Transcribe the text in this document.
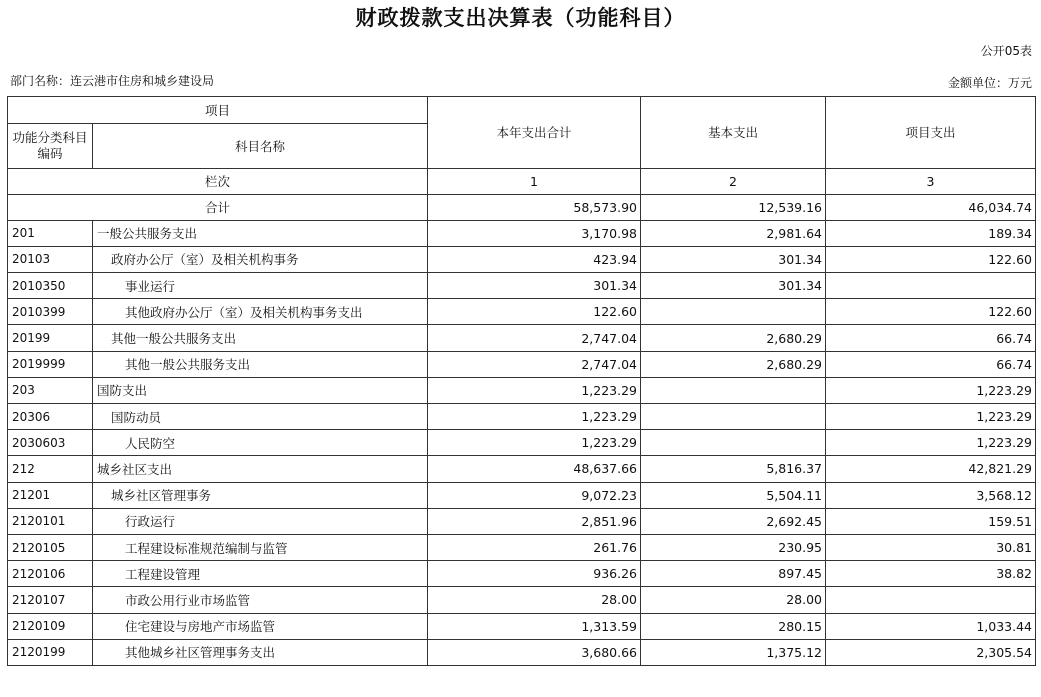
财政拨款支出决算表（功能科目）
公开05表
部门名称：连云港市住房和城乡建设局	金额单位：万元
项目		本年支出合计	基本支出	项目支出
功能分类科目编码	科目名称			
栏次		1	2	3
合计		58,573.90	12,539.16	46,034.74
201	一般公共服务支出	3,170.98	2,981.64	189.34
20103	政府办公厅（室）及相关机构事务	423.94	301.34	122.60
2010350	事业运行	301.34	301.34	
2010399	其他政府办公厅（室）及相关机构事务支出	122.60		122.60
20199	其他一般公共服务支出	2,747.04	2,680.29	66.74
2019999	其他一般公共服务支出	2,747.04	2,680.29	66.74
203	国防支出	1,223.29		1,223.29
20306	国防动员	1,223.29		1,223.29
2030603	人民防空	1,223.29		1,223.29
212	城乡社区支出	48,637.66	5,816.37	42,821.29
21201	城乡社区管理事务	9,072.23	5,504.11	3,568.12
2120101	行政运行	2,851.96	2,692.45	159.51
2120105	工程建设标准规范编制与监管	261.76	230.95	30.81
2120106	工程建设管理	936.26	897.45	38.82
2120107	市政公用行业市场监管	28.00	28.00	
2120109	住宅建设与房地产市场监管	1,313.59	280.15	1,033.44
2120199	其他城乡社区管理事务支出	3,680.66	1,375.12	2,305.54
